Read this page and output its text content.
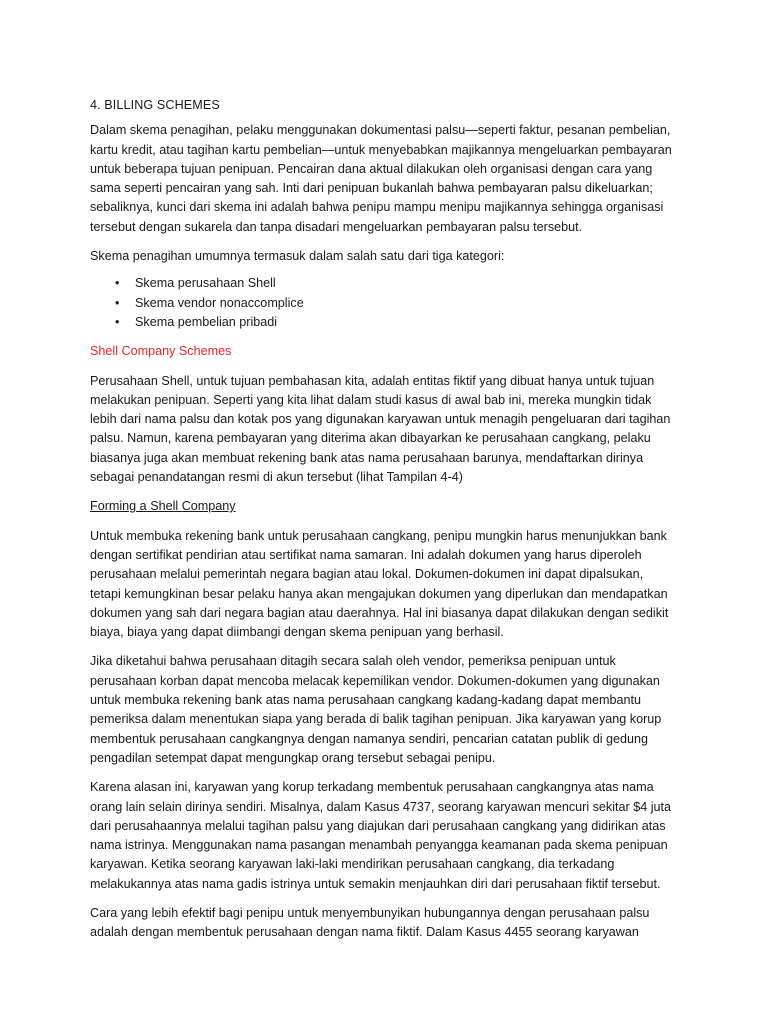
4. BILLING SCHEMES

Dalam skema penagihan, pelaku menggunakan dokumentasi palsu—seperti faktur, pesanan pembelian, kartu kredit, atau tagihan kartu pembelian—untuk menyebabkan majikannya mengeluarkan pembayaran untuk beberapa tujuan penipuan. Pencairan dana aktual dilakukan oleh organisasi dengan cara yang sama seperti pencairan yang sah. Inti dari penipuan bukanlah bahwa pembayaran palsu dikeluarkan; sebaliknya, kunci dari skema ini adalah bahwa penipu mampu menipu majikannya sehingga organisasi tersebut dengan sukarela dan tanpa disadari mengeluarkan pembayaran palsu tersebut.

Skema penagihan umumnya termasuk dalam salah satu dari tiga kategori:

• Skema perusahaan Shell
• Skema vendor nonaccomplice
• Skema pembelian pribadi
Shell Company Schemes

Perusahaan Shell, untuk tujuan pembahasan kita, adalah entitas fiktif yang dibuat hanya untuk tujuan melakukan penipuan. Seperti yang kita lihat dalam studi kasus di awal bab ini, mereka mungkin tidak lebih dari nama palsu dan kotak pos yang digunakan karyawan untuk menagih pengeluaran dari tagihan palsu. Namun, karena pembayaran yang diterima akan dibayarkan ke perusahaan cangkang, pelaku biasanya juga akan membuat rekening bank atas nama perusahaan barunya, mendaftarkan dirinya sebagai penandatangan resmi di akun tersebut (lihat Tampilan 4-4)

Forming a Shell Company

Untuk membuka rekening bank untuk perusahaan cangkang, penipu mungkin harus menunjukkan bank dengan sertifikat pendirian atau sertifikat nama samaran. Ini adalah dokumen yang harus diperoleh perusahaan melalui pemerintah negara bagian atau lokal. Dokumen-dokumen ini dapat dipalsukan, tetapi kemungkinan besar pelaku hanya akan mengajukan dokumen yang diperlukan dan mendapatkan dokumen yang sah dari negara bagian atau daerahnya. Hal ini biasanya dapat dilakukan dengan sedikit biaya, biaya yang dapat diimbangi dengan skema penipuan yang berhasil.

Jika diketahui bahwa perusahaan ditagih secara salah oleh vendor, pemeriksa penipuan untuk perusahaan korban dapat mencoba melacak kepemilikan vendor. Dokumen-dokumen yang digunakan untuk membuka rekening bank atas nama perusahaan cangkang kadang-kadang dapat membantu pemeriksa dalam menentukan siapa yang berada di balik tagihan penipuan. Jika karyawan yang korup membentuk perusahaan cangkangnya dengan namanya sendiri, pencarian catatan publik di gedung pengadilan setempat dapat mengungkap orang tersebut sebagai penipu.

Karena alasan ini, karyawan yang korup terkadang membentuk perusahaan cangkangnya atas nama orang lain selain dirinya sendiri. Misalnya, dalam Kasus 4737, seorang karyawan mencuri sekitar $4 juta dari perusahaannya melalui tagihan palsu yang diajukan dari perusahaan cangkang yang didirikan atas nama istrinya. Menggunakan nama pasangan menambah penyangga keamanan pada skema penipuan karyawan. Ketika seorang karyawan laki-laki mendirikan perusahaan cangkang, dia terkadang melakukannya atas nama gadis istrinya untuk semakin menjauhkan diri dari perusahaan fiktif tersebut.

Cara yang lebih efektif bagi penipu untuk menyembunyikan hubungannya dengan perusahaan palsu adalah dengan membentuk perusahaan dengan nama fiktif. Dalam Kasus 4455 seorang karyawan
